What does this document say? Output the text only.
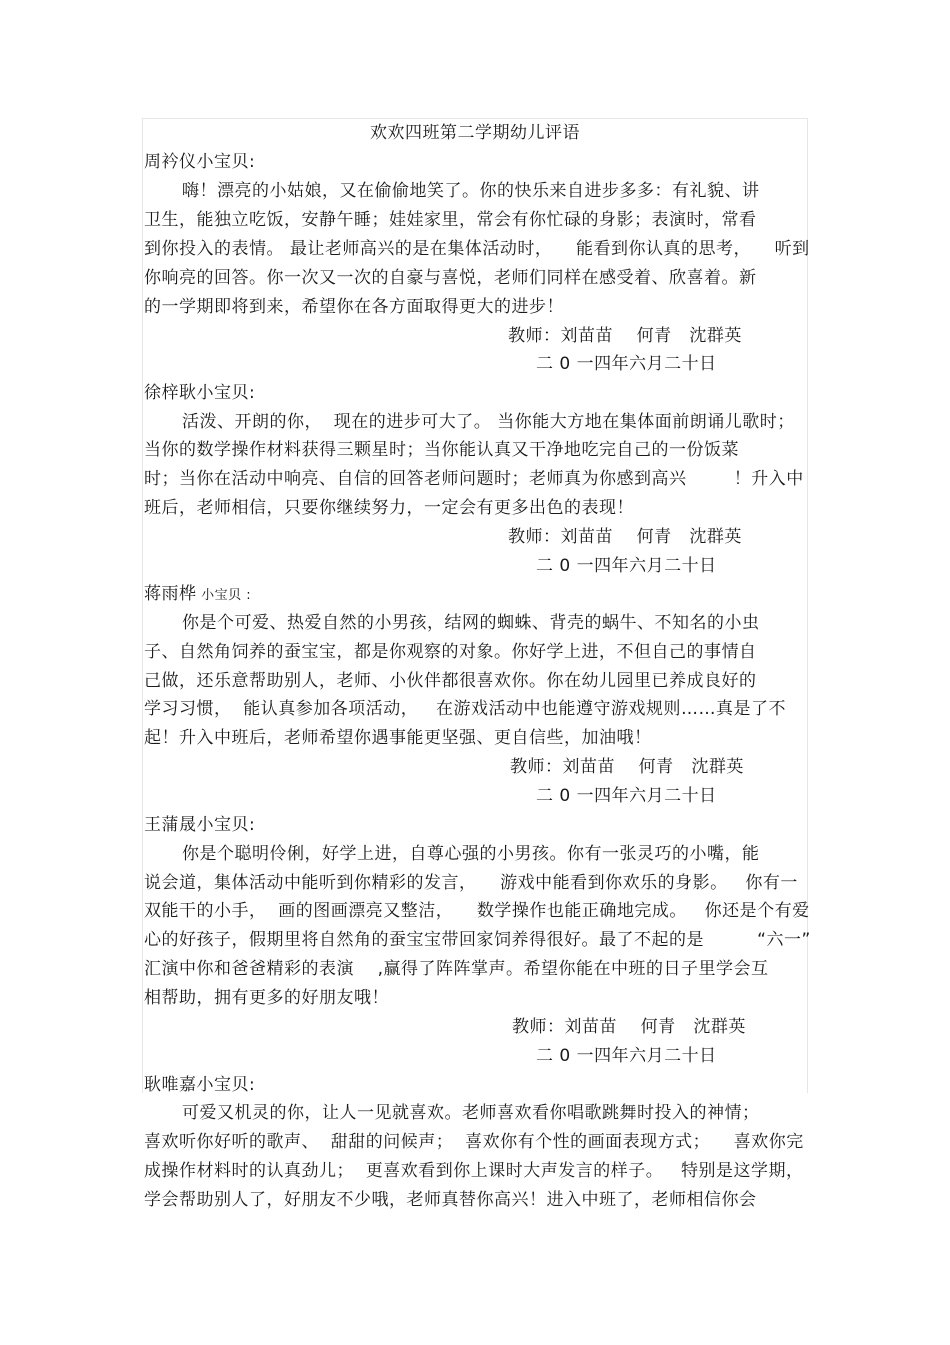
欢欢四班第二学期幼儿评语
周衿仪小宝贝:
嗨！漂亮的小姑娘，又在偷偷地笑了。你的快乐来自进步多多：有礼貌、讲
卫生，能独立吃饭，安静午睡；娃娃家里，常会有你忙碌的身影；表演时，常看
到你投入的表情。 最让老师高兴的是在集体活动时，    能看到你认真的思考，    听到
你响亮的回答。你一次又一次的自豪与喜悦，老师们同样在感受着、欣喜着。新
的一学期即将到来，希望你在各方面取得更大的进步！
教师：刘苗苗    何青   沈群英
二 0 一四年六月二十日
徐梓耿小宝贝:
活泼、开朗的你，  现在的进步可大了。 当你能大方地在集体面前朗诵儿歌时；
当你的数学操作材料获得三颗星时；当你能认真又干净地吃完自己的一份饭菜
时；当你在活动中响亮、自信的回答老师问题时；老师真为你感到高兴        ！升入中
班后，老师相信，只要你继续努力，一定会有更多出色的表现！
教师：刘苗苗    何青   沈群英
二 0 一四年六月二十日
蒋雨桦 小宝贝 :
你是个可爱、热爱自然的小男孩，结网的蜘蛛、背壳的蜗牛、不知名的小虫
子、自然角饲养的蚕宝宝，都是你观察的对象。你好学上进，不但自己的事情自
己做，还乐意帮助别人，老师、小伙伴都很喜欢你。你在幼儿园里已养成良好的
学习习惯，  能认真参加各项活动，   在游戏活动中也能遵守游戏规则……真是了不
起！升入中班后，老师希望你遇事能更坚强、更自信些，加油哦！
教师：刘苗苗    何青   沈群英
二 0 一四年六月二十日
王蒲晟小宝贝:
你是个聪明伶俐，好学上进，自尊心强的小男孩。你有一张灵巧的小嘴，能
说会道，集体活动中能听到你精彩的发言，    游戏中能看到你欢乐的身影。   你有一
双能干的小手，  画的图画漂亮又整洁，    数学操作也能正确地完成。   你还是个有爱
心的好孩子，假期里将自然角的蚕宝宝带回家饲养得很好。最了不起的是         “六一”
汇演中你和爸爸精彩的表演    ,赢得了阵阵掌声。希望你能在中班的日子里学会互
相帮助，拥有更多的好朋友哦！
教师：刘苗苗    何青   沈群英
二 0 一四年六月二十日
耿唯嘉小宝贝:
可爱又机灵的你，让人一见就喜欢。老师喜欢看你唱歌跳舞时投入的神情；
喜欢听你好听的歌声、  甜甜的问候声；  喜欢你有个性的画面表现方式；    喜欢你完
成操作材料时的认真劲儿；  更喜欢看到你上课时大声发言的样子。   特别是这学期，
学会帮助别人了，好朋友不少哦，老师真替你高兴！进入中班了，老师相信你会
